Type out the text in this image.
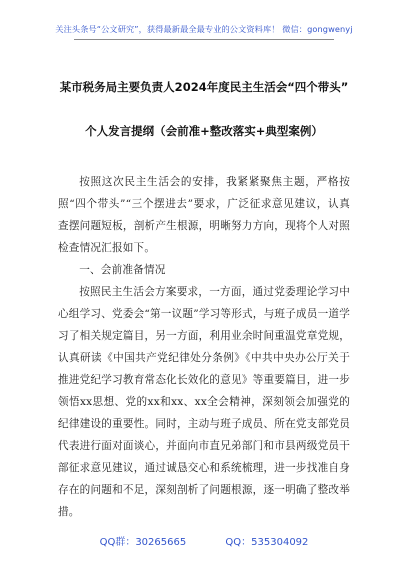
关注头条号“公文研究”，获得最新最全最专业的公文资料库！ 微信：gongwenyj
某市税务局主要负责人2024年度民主生活会“四个带头”
个人发言提纲（会前准+整改落实+典型案例）

按照这次民主生活会的安排，我紧紧聚焦主题，严格按照“四个带头”“三个摆进去”要求，广泛征求意见建议，认真查摆问题短板，剖析产生根源，明晰努力方向，现将个人对照检查情况汇报如下。

一、会前准备情况

按照民主生活会方案要求，一方面，通过党委理论学习中心组学习、党委会“第一议题”学习等形式，与班子成员一道学习了相关规定篇目，另一方面，利用业余时间重温党章党规，认真研读《中国共产党纪律处分条例》《中共中央办公厅关于推进党纪学习教育常态化长效化的意见》等重要篇目，进一步领悟xx思想、党的xx和xx、xx全会精神，深刻领会加强党的纪律建设的重要性。同时，主动与班子成员、所在党支部党员代表进行面对面谈心，并面向市直兄弟部门和市县两级党员干部征求意见建议，通过诚恳交心和系统梳理，进一步找准自身存在的问题和不足，深刻剖析了问题根源，逐一明确了整改举措。

QQ群：30265665	QQ：535304092
